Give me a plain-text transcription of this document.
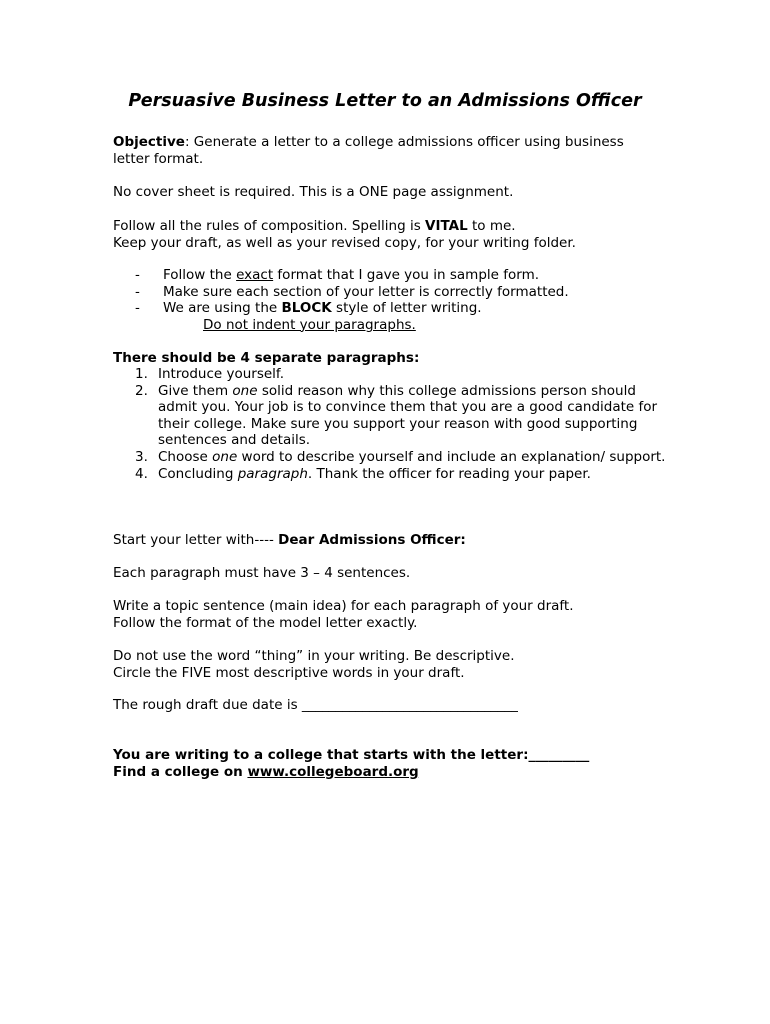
Persuasive Business Letter to an Admissions Officer

Objective: Generate a letter to a college admissions officer using business
letter format.

No cover sheet is required. This is a ONE page assignment.

Follow all the rules of composition. Spelling is VITAL to me.
Keep your draft, as well as your revised copy, for your writing folder.

- Follow the exact format that I gave you in sample form.
- Make sure each section of your letter is correctly formatted.
- We are using the BLOCK style of letter writing.
Do not indent your paragraphs.

There should be 4 separate paragraphs:

1. Introduce yourself.
2. Give them one solid reason why this college admissions person should admit you. Your job is to convince them that you are a good candidate for their college. Make sure you support your reason with good supporting sentences and details.
3. Choose one word to describe yourself and include an explanation/ support.
4. Concluding paragraph. Thank the officer for reading your paper.

Start your letter with---- Dear Admissions Officer:

Each paragraph must have 3 – 4 sentences.

Write a topic sentence (main idea) for each paragraph of your draft.
Follow the format of the model letter exactly.

Do not use the word “thing” in your writing. Be descriptive.
Circle the FIVE most descriptive words in your draft.

The rough draft due date is ________________________________

You are writing to a college that starts with the letter:_________
Find a college on www.collegeboard.org
